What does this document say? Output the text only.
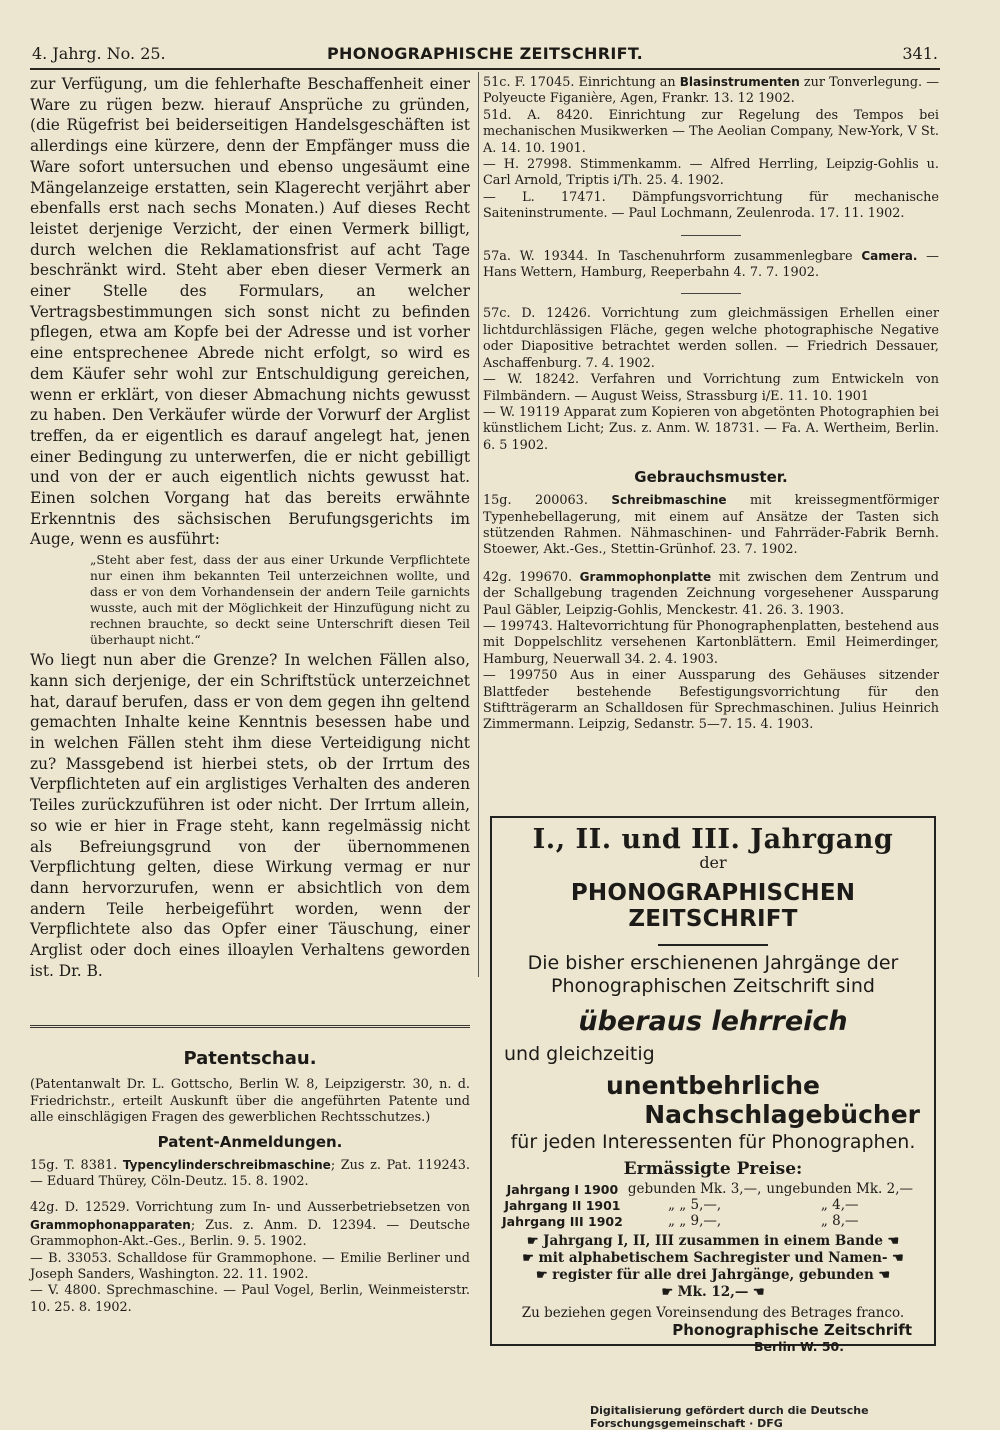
4. Jahrg. No. 25.	PHONOGRAPHISCHE ZEITSCHRIFT.	341.

zur Verfügung, um die fehlerhafte Beschaffenheit einer Ware zu rügen bezw. hierauf Ansprüche zu gründen, (die Rügefrist bei beiderseitigen Handelsgeschäften ist allerdings eine kürzere, denn der Empfänger muss die Ware sofort untersuchen und ebenso ungesäumt eine Mängelanzeige erstatten, sein Klagerecht verjährt aber ebenfalls erst nach sechs Monaten.) Auf dieses Recht leistet derjenige Verzicht, der einen Vermerk billigt, durch welchen die Reklamationsfrist auf acht Tage beschränkt wird. Steht aber eben dieser Vermerk an einer Stelle des Formulars, an welcher Vertragsbestimmungen sich sonst nicht zu befinden pflegen, etwa am Kopfe bei der Adresse und ist vorher eine entsprechenee Abrede nicht erfolgt, so wird es dem Käufer sehr wohl zur Entschuldigung gereichen, wenn er erklärt, von dieser Abmachung nichts gewusst zu haben. Den Verkäufer würde der Vorwurf der Arglist treffen, da er eigentlich es darauf angelegt hat, jenen einer Bedingung zu unterwerfen, die er nicht gebilligt und von der er auch eigentlich nichts gewusst hat. Einen solchen Vorgang hat das bereits erwähnte Erkenntnis des sächsischen Berufungsgerichts im Auge, wenn es ausführt:

„Steht aber fest, dass der aus einer Urkunde Verpflichtete nur einen ihm bekannten Teil unterzeichnen wollte, und dass er von dem Vorhandensein der andern Teile garnichts wusste, auch mit der Möglichkeit der Hinzufügung nicht zu rechnen brauchte, so deckt seine Unterschrift diesen Teil überhaupt nicht.“

Wo liegt nun aber die Grenze? In welchen Fällen also, kann sich derjenige, der ein Schriftstück unterzeichnet hat, darauf berufen, dass er von dem gegen ihn geltend gemachten Inhalte keine Kenntnis besessen habe und in welchen Fällen steht ihm diese Verteidigung nicht zu? Massgebend ist hierbei stets, ob der Irrtum des Verpflichteten auf ein arglistiges Verhalten des anderen Teiles zurückzuführen ist oder nicht. Der Irrtum allein, so wie er hier in Frage steht, kann regelmässig nicht als Befreiungsgrund von der übernommenen Verpflichtung gelten, diese Wirkung vermag er nur dann hervorzurufen, wenn er absichtlich von dem andern Teile herbeigeführt worden, wenn der Verpflichtete also das Opfer einer Täuschung, einer Arglist oder doch eines illoaylen Verhaltens geworden ist. Dr. B.

Patentschau.

(Patentanwalt Dr. L. Gottscho, Berlin W. 8, Leipzigerstr. 30, n. d. Friedrichstr., erteilt Auskunft über die angeführten Patente und alle einschlägigen Fragen des gewerblichen Rechtsschutzes.)

Patent-Anmeldungen.

15g. T. 8381. Typencylinderschreibmaschine; Zus z. Pat. 119243. — Eduard Thürey, Cöln-Deutz. 15. 8. 1902.

42g. D. 12529. Vorrichtung zum In- und Ausserbetriebsetzen von Grammophonapparaten; Zus. z. Anm. D. 12394. — Deutsche Grammophon-Akt.-Ges., Berlin. 9. 5. 1902.

— B. 33053. Schalldose für Grammophone. — Emilie Berliner und Joseph Sanders, Washington. 22. 11. 1902.

— V. 4800. Sprechmaschine. — Paul Vogel, Berlin, Weinmeisterstr. 10. 25. 8. 1902.

51c. F. 17045. Einrichtung an Blasinstrumenten zur Tonverlegung. — Polyeucte Figanière, Agen, Frankr. 13. 12 1902.

51d. A. 8420. Einrichtung zur Regelung des Tempos bei mechanischen Musikwerken — The Aeolian Company, New-York, V St. A. 14. 10. 1901.

— H. 27998. Stimmenkamm. — Alfred Herrling, Leipzig-Gohlis u. Carl Arnold, Triptis i/Th. 25. 4. 1902.

— L. 17471. Dämpfungsvorrichtung für mechanische Saiteninstrumente. — Paul Lochmann, Zeulenroda. 17. 11. 1902.

57a. W. 19344. In Taschenuhrform zusammenlegbare Camera. — Hans Wettern, Hamburg, Reeperbahn 4. 7. 7. 1902.

57c. D. 12426. Vorrichtung zum gleichmässigen Erhellen einer lichtdurchlässigen Fläche, gegen welche photographische Negative oder Diapositive betrachtet werden sollen. — Friedrich Dessauer, Aschaffenburg. 7. 4. 1902.

— W. 18242. Verfahren und Vorrichtung zum Entwickeln von Filmbändern. — August Weiss, Strassburg i/E. 11. 10. 1901

— W. 19119 Apparat zum Kopieren von abgetönten Photographien bei künstlichem Licht; Zus. z. Anm. W. 18731. — Fa. A. Wertheim, Berlin. 6. 5 1902.

Gebrauchsmuster.

15g. 200063. Schreibmaschine mit kreissegmentförmiger Typenhebellagerung, mit einem auf Ansätze der Tasten sich stützenden Rahmen. Nähmaschinen- und Fahrräder-Fabrik Bernh. Stoewer, Akt.-Ges., Stettin-Grünhof. 23. 7. 1902.

42g. 199670. Grammophonplatte mit zwischen dem Zentrum und der Schallgebung tragenden Zeichnung vorgesehener Aussparung Paul Gäbler, Leipzig-Gohlis, Menckestr. 41. 26. 3. 1903.

— 199743. Haltevorrichtung für Phonographenplatten, bestehend aus mit Doppelschlitz versehenen Kartonblättern. Emil Heimerdinger, Hamburg, Neuerwall 34. 2. 4. 1903.

— 199750 Aus in einer Aussparung des Gehäuses sitzender Blattfeder bestehende Befestigungsvorrichtung für den Stiftträgerarm an Schalldosen für Sprechmaschinen. Julius Heinrich Zimmermann. Leipzig, Sedanstr. 5—7. 15. 4. 1903.

I., II. und III. Jahrgang
der
PHONOGRAPHISCHEN ZEITSCHRIFT
Die bisher erschienenen Jahrgänge der
Phonographischen Zeitschrift sind
überaus lehrreich
und gleichzeitig
unentbehrliche
Nachschlagebücher
für jeden Interessenten für Phonographen.
Ermässigte Preise:
Jahrgang I 1900	gebunden Mk. 3,—,	ungebunden Mk. 2,—
Jahrgang II 1901	„ „ 5,—,	„ 4,—
Jahrgang III 1902	„ „ 9,—,	„ 8,—
☛ Jahrgang I, II, III zusammen in einem Bande ☚
☛ mit alphabetischem Sachregister und Namen- ☚
☛ register für alle drei Jahrgänge, gebunden ☚
☛ Mk. 12,— ☚
Zu beziehen gegen Voreinsendung des Betrages franco.
Phonographische Zeitschrift
Berlin W. 50.
Digitalisierung gefördert durch die Deutsche Forschungsgemeinschaft · DFG
